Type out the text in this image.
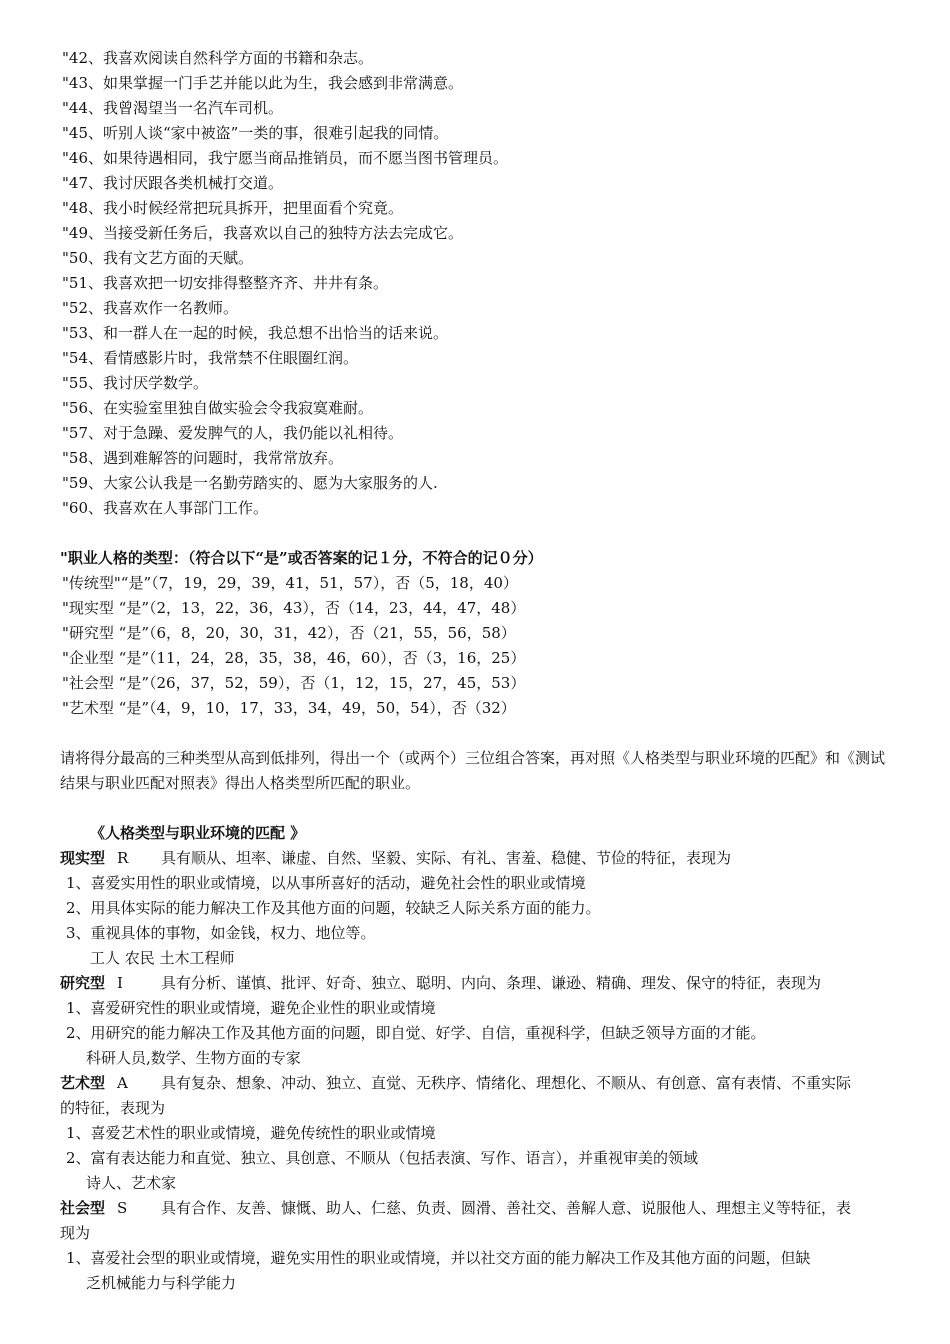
"42、我喜欢阅读自然科学方面的书籍和杂志。
"43、如果掌握一门手艺并能以此为生，我会感到非常满意。
"44、我曾渴望当一名汽车司机。
"45、听别人谈“家中被盗”一类的事，很难引起我的同情。
"46、如果待遇相同，我宁愿当商品推销员，而不愿当图书管理员。
"47、我讨厌跟各类机械打交道。
"48、我小时候经常把玩具拆开，把里面看个究竟。
"49、当接受新任务后，我喜欢以自己的独特方法去完成它。
"50、我有文艺方面的天赋。
"51、我喜欢把一切安排得整整齐齐、井井有条。
"52、我喜欢作一名教师。
"53、和一群人在一起的时候，我总想不出恰当的话来说。
"54、看情感影片时，我常禁不住眼圈红润。
"55、我讨厌学数学。
"56、在实验室里独自做实验会令我寂寞难耐。
"57、对于急躁、爱发脾气的人，我仍能以礼相待。
"58、遇到难解答的问题时，我常常放弃。
"59、大家公认我是一名勤劳踏实的、愿为大家服务的人.
"60、我喜欢在人事部门工作。
"职业人格的类型：（符合以下“是”或否答案的记１分，不符合的记０分）
"传统型"“是”（7，19，29，39，41，51，57），否（5，18，40）
"现实型 “是”（2，13，22，36，43），否（14，23，44，47，48）
"研究型 “是”（6，8，20，30，31，42），否（21，55，56，58）
"企业型 “是”（11，24，28，35，38，46，60），否（3，16，25）
"社会型 “是”（26，37，52，59），否（1，12，15，27，45，53）
"艺术型 “是”（4，9，10，17，33，34，49，50，54），否（32）
请将得分最高的三种类型从高到低排列，得出一个（或两个）三位组合答案，再对照《人格类型与职业环境的匹配》和《测试结果与职业匹配对照表》得出人格类型所匹配的职业。
《人格类型与职业环境的匹配 》
现实型 R 具有顺从、坦率、谦虚、自然、坚毅、实际、有礼、害羞、稳健、节俭的特征，表现为
1、喜爱实用性的职业或情境，以从事所喜好的活动，避免社会性的职业或情境
2、用具体实际的能力解决工作及其他方面的问题，较缺乏人际关系方面的能力。
3、重视具体的事物，如金钱，权力、地位等。
工人 农民 土木工程师
研究型 I	具有分析、谨慎、批评、好奇、独立、聪明、内向、条理、谦逊、精确、理发、保守的特征，表现为
1、喜爱研究性的职业或情境，避免企业性的职业或情境
2、用研究的能力解决工作及其他方面的问题，即自觉、好学、自信，重视科学，但缺乏领导方面的才能。
科研人员,数学、生物方面的专家
艺术型 A 具有复杂、想象、冲动、独立、直觉、无秩序、情绪化、理想化、不顺从、有创意、富有表情、不重实际
的特征，表现为
1、喜爱艺术性的职业或情境，避免传统性的职业或情境
2、富有表达能力和直觉、独立、具创意、不顺从（包括表演、写作、语言），并重视审美的领域
诗人、艺术家
社会型 S 具有合作、友善、慷慨、助人、仁慈、负责、圆滑、善社交、善解人意、说服他人、理想主义等特征，表
现为
1、喜爱社会型的职业或情境，避免实用性的职业或情境，并以社交方面的能力解决工作及其他方面的问题，但缺
乏机械能力与科学能力
